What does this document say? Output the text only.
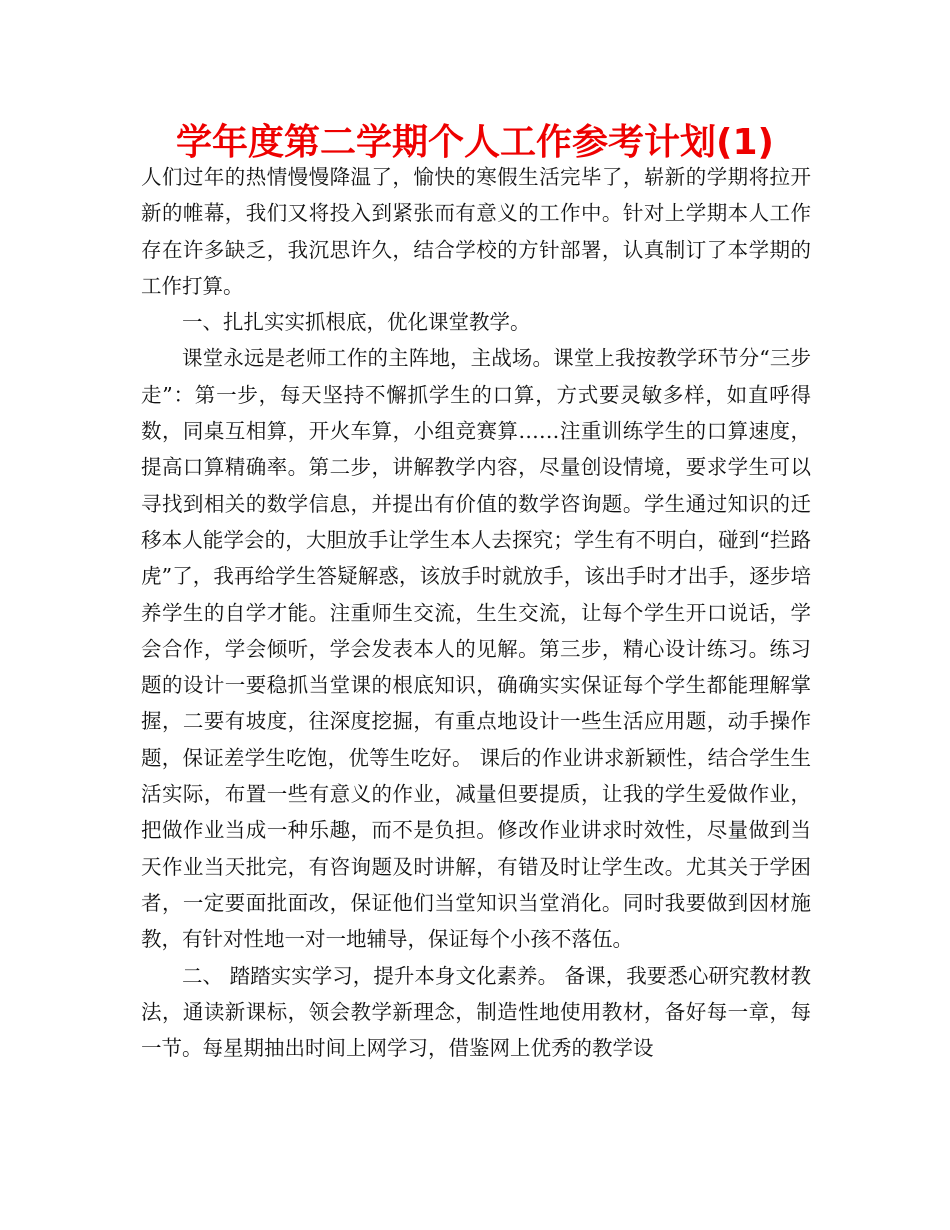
学年度第二学期个人工作参考计划(1)

人们过年的热情慢慢降温了，愉快的寒假生活完毕了，崭新的学期将拉开新的帷幕，我们又将投入到紧张而有意义的工作中。针对上学期本人工作存在许多缺乏，我沉思许久，结合学校的方针部署，认真制订了本学期的工作打算。

一、扎扎实实抓根底，优化课堂教学。

课堂永远是老师工作的主阵地，主战场。课堂上我按教学环节分“三步走”：第一步，每天坚持不懈抓学生的口算，方式要灵敏多样，如直呼得数，同桌互相算，开火车算，小组竞赛算……注重训练学生的口算速度，提高口算精确率。第二步，讲解教学内容，尽量创设情境，要求学生可以寻找到相关的数学信息，并提出有价值的数学咨询题。学生通过知识的迁移本人能学会的，大胆放手让学生本人去探究；学生有不明白，碰到“拦路虎”了，我再给学生答疑解惑，该放手时就放手，该出手时才出手，逐步培养学生的自学才能。注重师生交流，生生交流，让每个学生开口说话，学会合作，学会倾听，学会发表本人的见解。第三步，精心设计练习。练习题的设计一要稳抓当堂课的根底知识，确确实实保证每个学生都能理解掌握，二要有坡度，往深度挖掘，有重点地设计一些生活应用题，动手操作题，保证差学生吃饱，优等生吃好。 课后的作业讲求新颖性，结合学生生活实际，布置一些有意义的作业，减量但要提质，让我的学生爱做作业，把做作业当成一种乐趣，而不是负担。修改作业讲求时效性，尽量做到当天作业当天批完，有咨询题及时讲解，有错及时让学生改。尤其关于学困者，一定要面批面改，保证他们当堂知识当堂消化。同时我要做到因材施教，有针对性地一对一地辅导，保证每个小孩不落伍。

二、 踏踏实实学习，提升本身文化素养。 备课，我要悉心研究教材教法，通读新课标，领会教学新理念，制造性地使用教材，备好每一章，每一节。每星期抽出时间上网学习，借鉴网上优秀的教学设
